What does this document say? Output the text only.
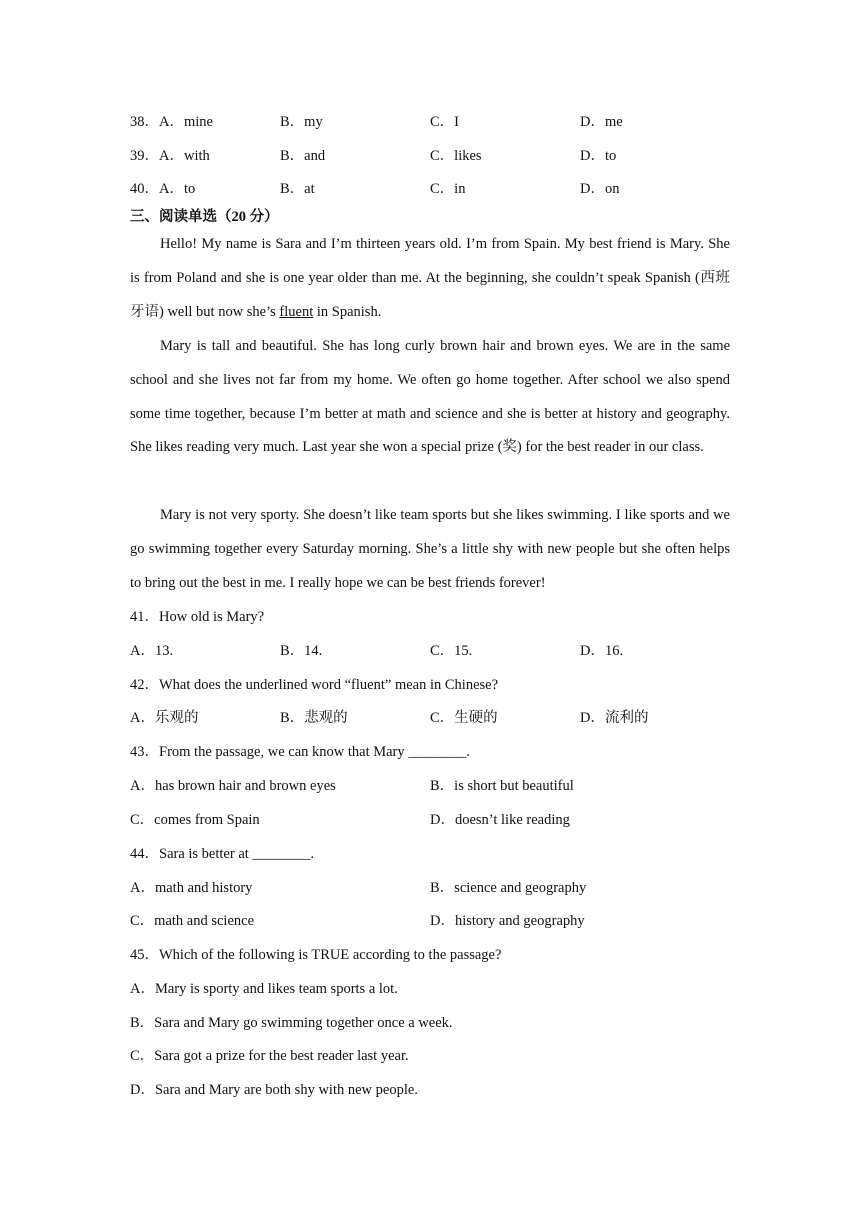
38．A．mine	B．my	C．I	D．me
39．A．with	B．and	C．likes	D．to
40．A．to	B．at	C．in	D．on
三、阅读单选（20 分）
Hello! My name is Sara and I’m thirteen years old. I’m from Spain. My best friend is Mary. She is from Poland and she is one year older than me. At the beginning, she couldn’t speak Spanish (西班牙语) well but now she’s fluent in Spanish.
Mary is tall and beautiful. She has long curly brown hair and brown eyes. We are in the same school and she lives not far from my home. We often go home together. After school we also spend some time together, because I’m better at math and science and she is better at history and geography. She likes reading very much. Last year she won a special prize (奖) for the best reader in our class.
Mary is not very sporty. She doesn’t like team sports but she likes swimming. I like sports and we go swimming together every Saturday morning. She’s a little shy with new people but she often helps to bring out the best in me. I really hope we can be best friends forever!
41．How old is Mary?
A．13.	B．14.	C．15.	D．16.
42．What does the underlined word “fluent” mean in Chinese?
A．乐观的	B．悲观的	C．生硬的	D．流利的
43．From the passage, we can know that Mary ________.
A．has brown hair and brown eyes	B．is short but beautiful
C．comes from Spain	D．doesn’t like reading
44．Sara is better at ________.
A．math and history	B．science and geography
C．math and science	D．history and geography
45．Which of the following is TRUE according to the passage?
A．Mary is sporty and likes team sports a lot.
B．Sara and Mary go swimming together once a week.
C．Sara got a prize for the best reader last year.
D．Sara and Mary are both shy with new people.
